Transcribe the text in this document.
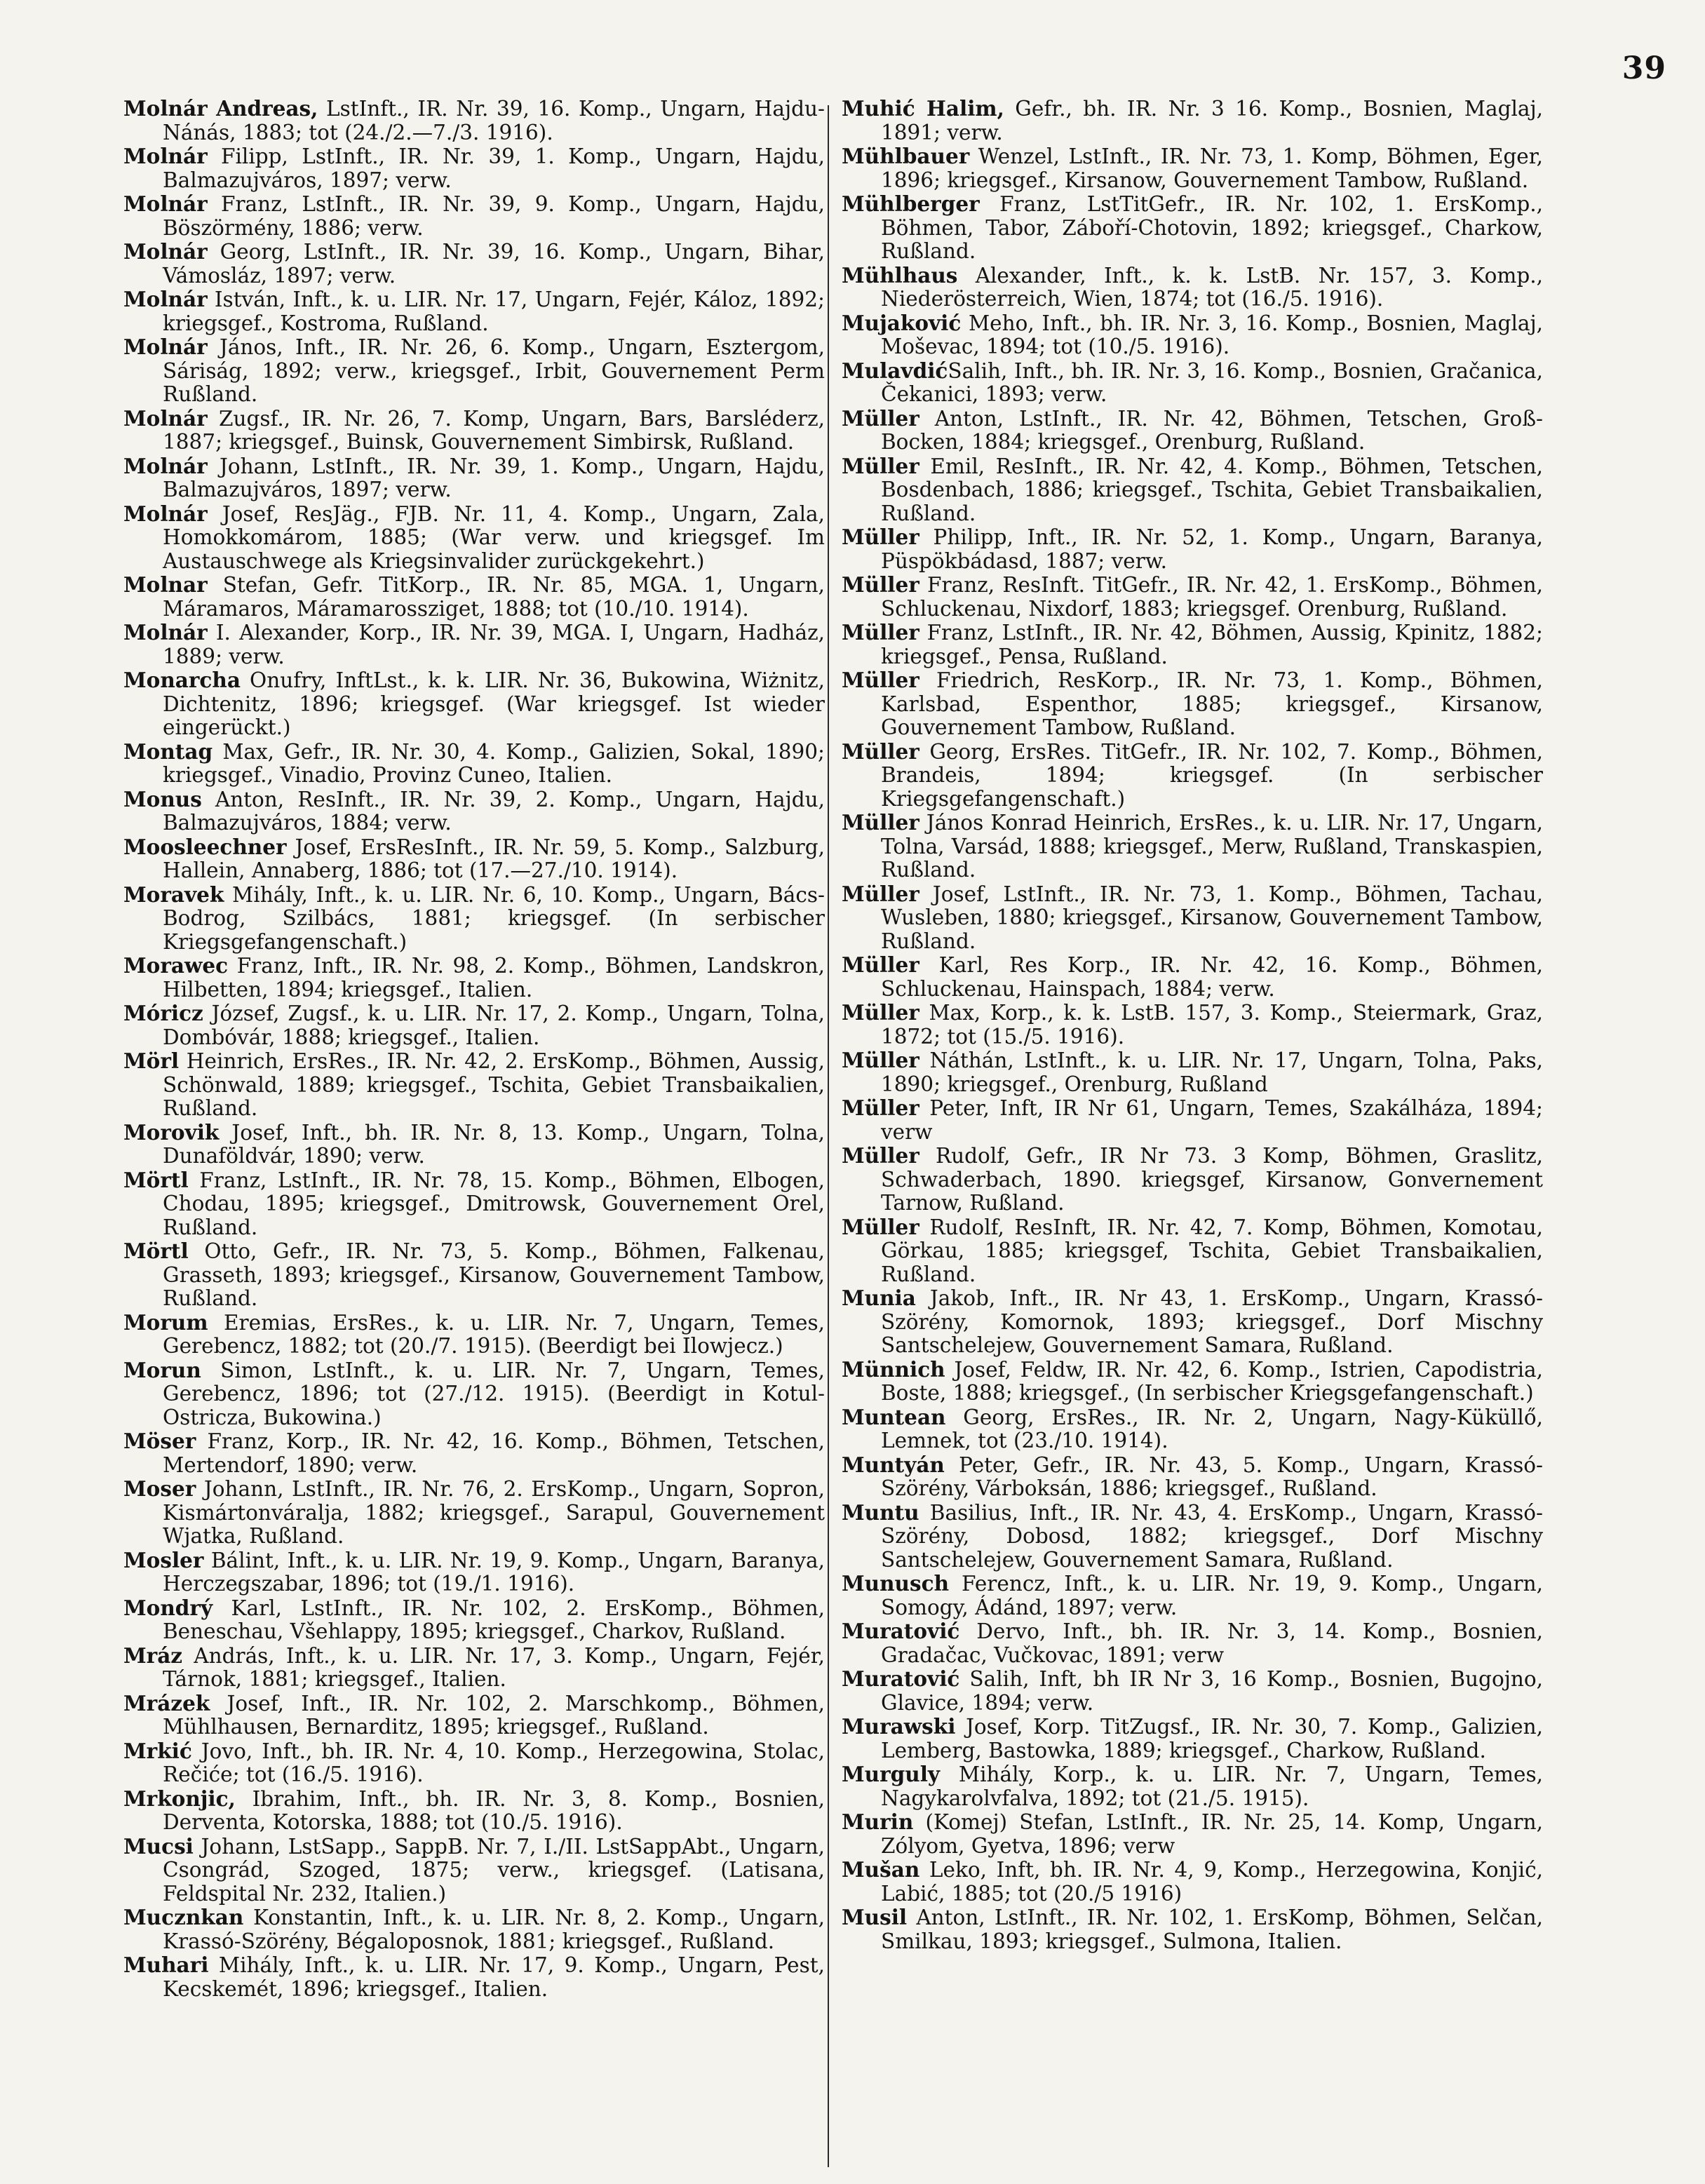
39

Molnár Andreas, LstInft., IR. Nr. 39, 16. Komp., Ungarn, Hajdu-Nánás, 1883; tot (24./2.—7./3. 1916).

Molnár Filipp, LstInft., IR. Nr. 39, 1. Komp., Ungarn, Hajdu, Balmazujváros, 1897; verw.

Molnár Franz, LstInft., IR. Nr. 39, 9. Komp., Ungarn, Hajdu, Böszörmény, 1886; verw.

Molnár Georg, LstInft., IR. Nr. 39, 16. Komp., Ungarn, Bihar, Vámosláz, 1897; verw.

Molnár István, Inft., k. u. LIR. Nr. 17, Ungarn, Fejér, Káloz, 1892; kriegsgef., Kostroma, Rußland.

Molnár János, Inft., IR. Nr. 26, 6. Komp., Ungarn, Esztergom, Sáriság, 1892; verw., kriegsgef., Irbit, Gouvernement Perm Rußland.

Molnár Zugsf., IR. Nr. 26, 7. Komp, Ungarn, Bars, Barsléderz, 1887; kriegsgef., Buinsk, Gouvernement Simbirsk, Rußland.

Molnár Johann, LstInft., IR. Nr. 39, 1. Komp., Ungarn, Hajdu, Balmazujváros, 1897; verw.

Molnár Josef, ResJäg., FJB. Nr. 11, 4. Komp., Ungarn, Zala, Homokkomárom, 1885; (War verw. und kriegsgef. Im Austauschwege als Kriegsinvalider zurückgekehrt.)

Molnar Stefan, Gefr. TitKorp., IR. Nr. 85, MGA. 1, Ungarn, Máramaros, Máramarossziget, 1888; tot (10./10. 1914).

Molnár I. Alexander, Korp., IR. Nr. 39, MGA. I, Ungarn, Hadház, 1889; verw.

Monarcha Onufry, InftLst., k. k. LIR. Nr. 36, Bukowina, Wiżnitz, Dichtenitz, 1896; kriegsgef. (War kriegsgef. Ist wieder eingerückt.)

Montag Max, Gefr., IR. Nr. 30, 4. Komp., Galizien, Sokal, 1890; kriegsgef., Vinadio, Provinz Cuneo, Italien.

Monus Anton, ResInft., IR. Nr. 39, 2. Komp., Ungarn, Hajdu, Balmazujváros, 1884; verw.

Moosleechner Josef, ErsResInft., IR. Nr. 59, 5. Komp., Salzburg, Hallein, Annaberg, 1886; tot (17.—27./10. 1914).

Moravek Mihály, Inft., k. u. LIR. Nr. 6, 10. Komp., Ungarn, Bács-Bodrog, Szilbács, 1881; kriegsgef. (In serbischer Kriegsgefangenschaft.)

Morawec Franz, Inft., IR. Nr. 98, 2. Komp., Böhmen, Landskron, Hilbetten, 1894; kriegsgef., Italien.

Móricz József, Zugsf., k. u. LIR. Nr. 17, 2. Komp., Ungarn, Tolna, Dombóvár, 1888; kriegsgef., Italien.

Mörl Heinrich, ErsRes., IR. Nr. 42, 2. ErsKomp., Böhmen, Aussig, Schönwald, 1889; kriegsgef., Tschita, Gebiet Transbaikalien, Rußland.

Morovik Josef, Inft., bh. IR. Nr. 8, 13. Komp., Ungarn, Tolna, Dunaföldvár, 1890; verw.

Mörtl Franz, LstInft., IR. Nr. 78, 15. Komp., Böhmen, Elbogen, Chodau, 1895; kriegsgef., Dmitrowsk, Gouvernement Orel, Rußland.

Mörtl Otto, Gefr., IR. Nr. 73, 5. Komp., Böhmen, Falkenau, Grasseth, 1893; kriegsgef., Kirsanow, Gouvernement Tambow, Rußland.

Morum Eremias, ErsRes., k. u. LIR. Nr. 7, Ungarn, Temes, Gerebencz, 1882; tot (20./7. 1915). (Beerdigt bei Ilowjecz.)

Morun Simon, LstInft., k. u. LIR. Nr. 7, Ungarn, Temes, Gerebencz, 1896; tot (27./12. 1915). (Beerdigt in Kotul-Ostricza, Bukowina.)

Möser Franz, Korp., IR. Nr. 42, 16. Komp., Böhmen, Tetschen, Mertendorf, 1890; verw.

Moser Johann, LstInft., IR. Nr. 76, 2. ErsKomp., Ungarn, Sopron, Kismártonváralja, 1882; kriegsgef., Sarapul, Gouvernement Wjatka, Rußland.

Mosler Bálint, Inft., k. u. LIR. Nr. 19, 9. Komp., Ungarn, Baranya, Herczegszabar, 1896; tot (19./1. 1916).

Mondrý Karl, LstInft., IR. Nr. 102, 2. ErsKomp., Böhmen, Beneschau, Všehlappy, 1895; kriegsgef., Charkov, Rußland.

Mráz András, Inft., k. u. LIR. Nr. 17, 3. Komp., Ungarn, Fejér, Tárnok, 1881; kriegsgef., Italien.

Mrázek Josef, Inft., IR. Nr. 102, 2. Marschkomp., Böhmen, Mühlhausen, Bernarditz, 1895; kriegsgef., Rußland.

Mrkić Jovo, Inft., bh. IR. Nr. 4, 10. Komp., Herzegowina, Stolac, Rečiće; tot (16./5. 1916).

Mrkonjic, Ibrahim, Inft., bh. IR. Nr. 3, 8. Komp., Bosnien, Derventa, Kotorska, 1888; tot (10./5. 1916).

Mucsi Johann, LstSapp., SappB. Nr. 7, I./II. LstSappAbt., Ungarn, Csongrád, Szoged, 1875; verw., kriegsgef. (Latisana, Feldspital Nr. 232, Italien.)

Mucznkan Konstantin, Inft., k. u. LIR. Nr. 8, 2. Komp., Ungarn, Krassó-Szörény, Bégaloposnok, 1881; kriegsgef., Rußland.

Muhari Mihály, Inft., k. u. LIR. Nr. 17, 9. Komp., Ungarn, Pest, Kecskemét, 1896; kriegsgef., Italien.

Muhić Halim, Gefr., bh. IR. Nr. 3 16. Komp., Bosnien, Maglaj, 1891; verw.

Mühlbauer Wenzel, LstInft., IR. Nr. 73, 1. Komp, Böhmen, Eger, 1896; kriegsgef., Kirsanow, Gouvernement Tambow, Rußland.

Mühlberger Franz, LstTitGefr., IR. Nr. 102, 1. ErsKomp., Böhmen, Tabor, Záboří-Chotovin, 1892; kriegsgef., Charkow, Rußland.

Mühlhaus Alexander, Inft., k. k. LstB. Nr. 157, 3. Komp., Niederösterreich, Wien, 1874; tot (16./5. 1916).

Mujaković Meho, Inft., bh. IR. Nr. 3, 16. Komp., Bosnien, Maglaj, Moševac, 1894; tot (10./5. 1916).

MulavdićSalih, Inft., bh. IR. Nr. 3, 16. Komp., Bosnien, Gračanica, Čekanici, 1893; verw.

Müller Anton, LstInft., IR. Nr. 42, Böhmen, Tetschen, Groß-Bocken, 1884; kriegsgef., Orenburg, Rußland.

Müller Emil, ResInft., IR. Nr. 42, 4. Komp., Böhmen, Tetschen, Bosdenbach, 1886; kriegsgef., Tschita, Gebiet Transbaikalien, Rußland.

Müller Philipp, Inft., IR. Nr. 52, 1. Komp., Ungarn, Baranya, Püspökbádasd, 1887; verw.

Müller Franz, ResInft. TitGefr., IR. Nr. 42, 1. ErsKomp., Böhmen, Schluckenau, Nixdorf, 1883; kriegsgef. Orenburg, Rußland.

Müller Franz, LstInft., IR. Nr. 42, Böhmen, Aussig, Kpinitz, 1882; kriegsgef., Pensa, Rußland.

Müller Friedrich, ResKorp., IR. Nr. 73, 1. Komp., Böhmen, Karlsbad, Espenthor, 1885; kriegsgef., Kirsanow, Gouvernement Tambow, Rußland.

Müller Georg, ErsRes. TitGefr., IR. Nr. 102, 7. Komp., Böhmen, Brandeis, 1894; kriegsgef. (In serbischer Kriegsgefangenschaft.)

Müller János Konrad Heinrich, ErsRes., k. u. LIR. Nr. 17, Ungarn, Tolna, Varsád, 1888; kriegsgef., Merw, Rußland, Transkaspien, Rußland.

Müller Josef, LstInft., IR. Nr. 73, 1. Komp., Böhmen, Tachau, Wusleben, 1880; kriegsgef., Kirsanow, Gouvernement Tambow, Rußland.

Müller Karl, Res Korp., IR. Nr. 42, 16. Komp., Böhmen, Schluckenau, Hainspach, 1884; verw.

Müller Max, Korp., k. k. LstB. 157, 3. Komp., Steiermark, Graz, 1872; tot (15./5. 1916).

Müller Náthán, LstInft., k. u. LIR. Nr. 17, Ungarn, Tolna, Paks, 1890; kriegsgef., Orenburg, Rußland

Müller Peter, Inft, IR Nr 61, Ungarn, Temes, Szakálháza, 1894; verw

Müller Rudolf, Gefr., IR Nr 73. 3 Komp, Böhmen, Graslitz, Schwaderbach, 1890. kriegsgef, Kirsanow, Gonvernement Tarnow, Rußland.

Müller Rudolf, ResInft, IR. Nr. 42, 7. Komp, Böhmen, Komotau, Görkau, 1885; kriegsgef, Tschita, Gebiet Transbaikalien, Rußland.

Munia Jakob, Inft., IR. Nr 43, 1. ErsKomp., Ungarn, Krassó-Szörény, Komornok, 1893; kriegsgef., Dorf Mischny Santschelejew, Gouvernement Samara, Rußland.

Münnich Josef, Feldw, IR. Nr. 42, 6. Komp., Istrien, Capodistria, Boste, 1888; kriegsgef., (In serbischer Kriegsgefangenschaft.)

Muntean Georg, ErsRes., IR. Nr. 2, Ungarn, Nagy-Küküllő, Lemnek, tot (23./10. 1914).

Muntyán Peter, Gefr., IR. Nr. 43, 5. Komp., Ungarn, Krassó-Szörény, Várboksán, 1886; kriegsgef., Rußland.

Muntu Basilius, Inft., IR. Nr. 43, 4. ErsKomp., Ungarn, Krassó-Szörény, Dobosd, 1882; kriegsgef., Dorf Mischny Santschelejew, Gouvernement Samara, Rußland.

Munusch Ferencz, Inft., k. u. LIR. Nr. 19, 9. Komp., Ungarn, Somogy, Ádánd, 1897; verw.

Muratović Dervo, Inft., bh. IR. Nr. 3, 14. Komp., Bosnien, Gradačac, Vučkovac, 1891; verw

Muratović Salih, Inft, bh IR Nr 3, 16 Komp., Bosnien, Bugojno, Glavice, 1894; verw.

Murawski Josef, Korp. TitZugsf., IR. Nr. 30, 7. Komp., Galizien, Lemberg, Bastowka, 1889; kriegsgef., Charkow, Rußland.

Murguly Mihály, Korp., k. u. LIR. Nr. 7, Ungarn, Temes, Nagykarolvfalva, 1892; tot (21./5. 1915).

Murin (Komej) Stefan, LstInft., IR. Nr. 25, 14. Komp, Ungarn, Zólyom, Gyetva, 1896; verw

Mušan Leko, Inft, bh. IR. Nr. 4, 9, Komp., Herzegowina, Konjić, Labić, 1885; tot (20./5 1916)

Musil Anton, LstInft., IR. Nr. 102, 1. ErsKomp, Böhmen, Selčan, Smilkau, 1893; kriegsgef., Sulmona, Italien.
